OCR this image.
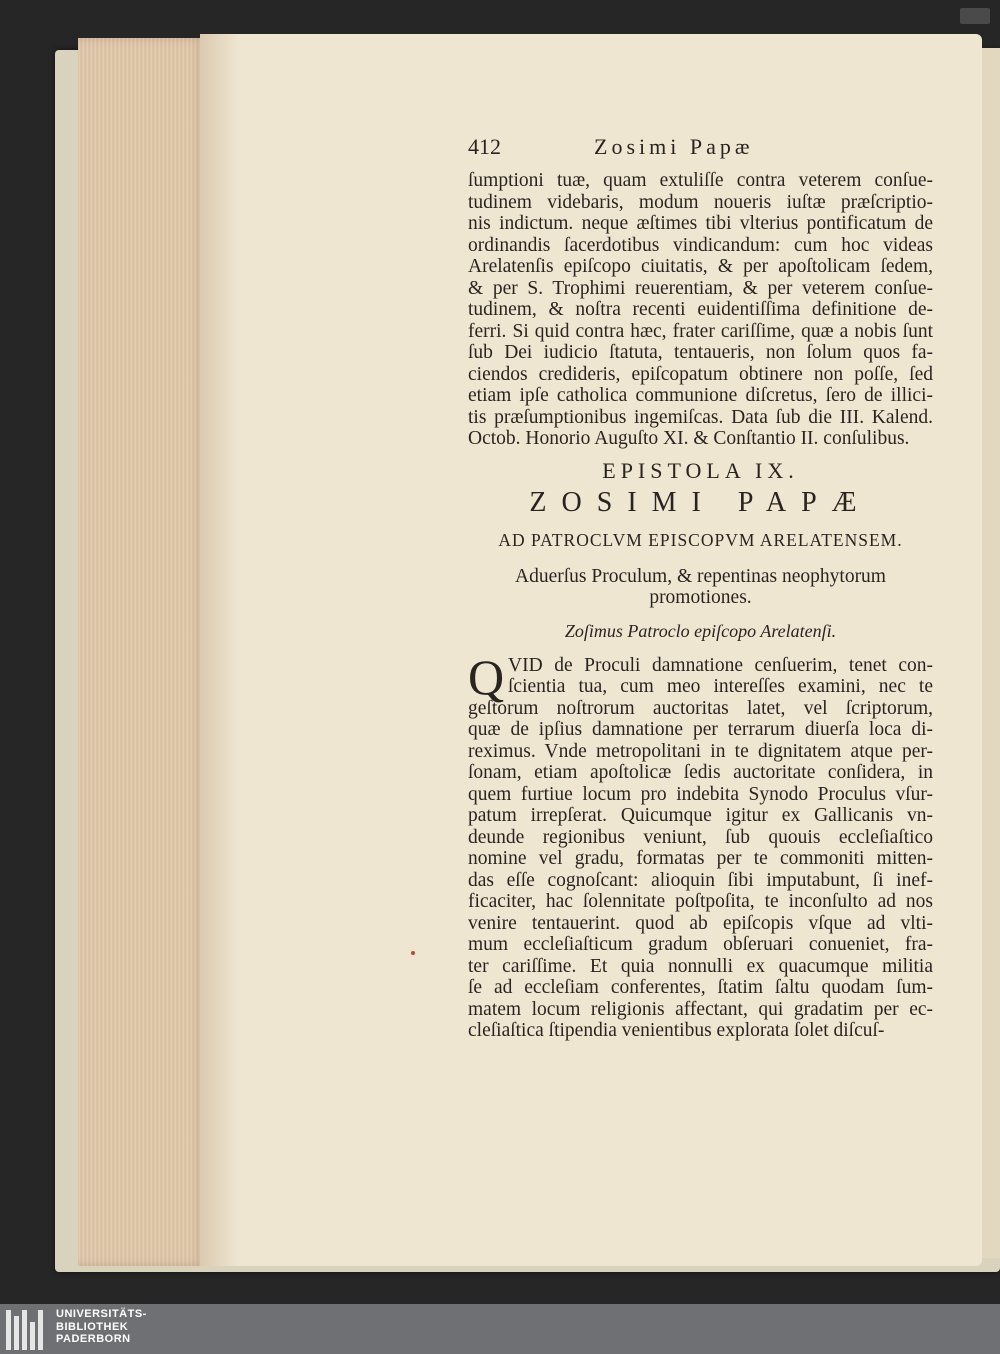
412	Zosimi Papæ
ſumptioni tuæ, quam extuliſſe contra veterem conſue-
tudinem videbaris, modum noueris iuſtæ præſcriptio-
nis indictum. neque æſtimes tibi vlterius pontificatum de
ordinandis ſacerdotibus vindicandum: cum hoc videas
Arelatenſis epiſcopo ciuitatis, & per apoſtolicam ſedem,
& per S. Trophimi reuerentiam, & per veterem conſue-
tudinem, & noſtra recenti euidentiſſima definitione de-
ferri. Si quid contra hæc, frater cariſſime, quæ a nobis ſunt
ſub Dei iudicio ſtatuta, tentaueris, non ſolum quos fa-
ciendos credideris, epiſcopatum obtinere non poſſe, ſed
etiam ipſe catholica communione diſcretus, ſero de illici-
tis præſumptionibus ingemiſcas. Data ſub die III. Kalend.
Octob. Honorio Auguſto XI. & Conſtantio II. conſulibus.
EPISTOLA IX.
ZOSIMI PAPÆ
AD PATROCLVM EPISCOPVM ARELATENSEM.
Aduerſus Proculum, & repentinas neophytorum
promotiones.
Zoſimus Patroclo epiſcopo Arelatenſi.
Q VID de Proculi damnatione cenſuerim, tenet con-
ſcientia tua, cum meo intereſſes examini, nec te
geſtorum noſtrorum auctoritas latet, vel ſcriptorum,
quæ de ipſius damnatione per terrarum diuerſa loca di-
reximus. Vnde metropolitani in te dignitatem atque per-
ſonam, etiam apoſtolicæ ſedis auctoritate conſidera, in
quem furtiue locum pro indebita Synodo Proculus vſur-
patum irrepſerat. Quicumque igitur ex Gallicanis vn-
deunde regionibus veniunt, ſub quouis eccleſiaſtico
nomine vel gradu, formatas per te commoniti mitten-
das eſſe cognoſcant: alioquin ſibi imputabunt, ſi inef-
ficaciter, hac ſolennitate poſtpoſita, te inconſulto ad nos
venire tentauerint. quod ab epiſcopis vſque ad vlti-
mum eccleſiaſticum gradum obſeruari conueniet, fra-
ter cariſſime. Et quia nonnulli ex quacumque militia
ſe ad eccleſiam conferentes, ſtatim ſaltu quodam ſum-
matem locum religionis affectant, qui gradatim per ec-
cleſiaſtica ſtipendia venientibus explorata ſolet diſcuſ-
UNIVERSITÄTS-
BIBLIOTHEK
PADERBORN
